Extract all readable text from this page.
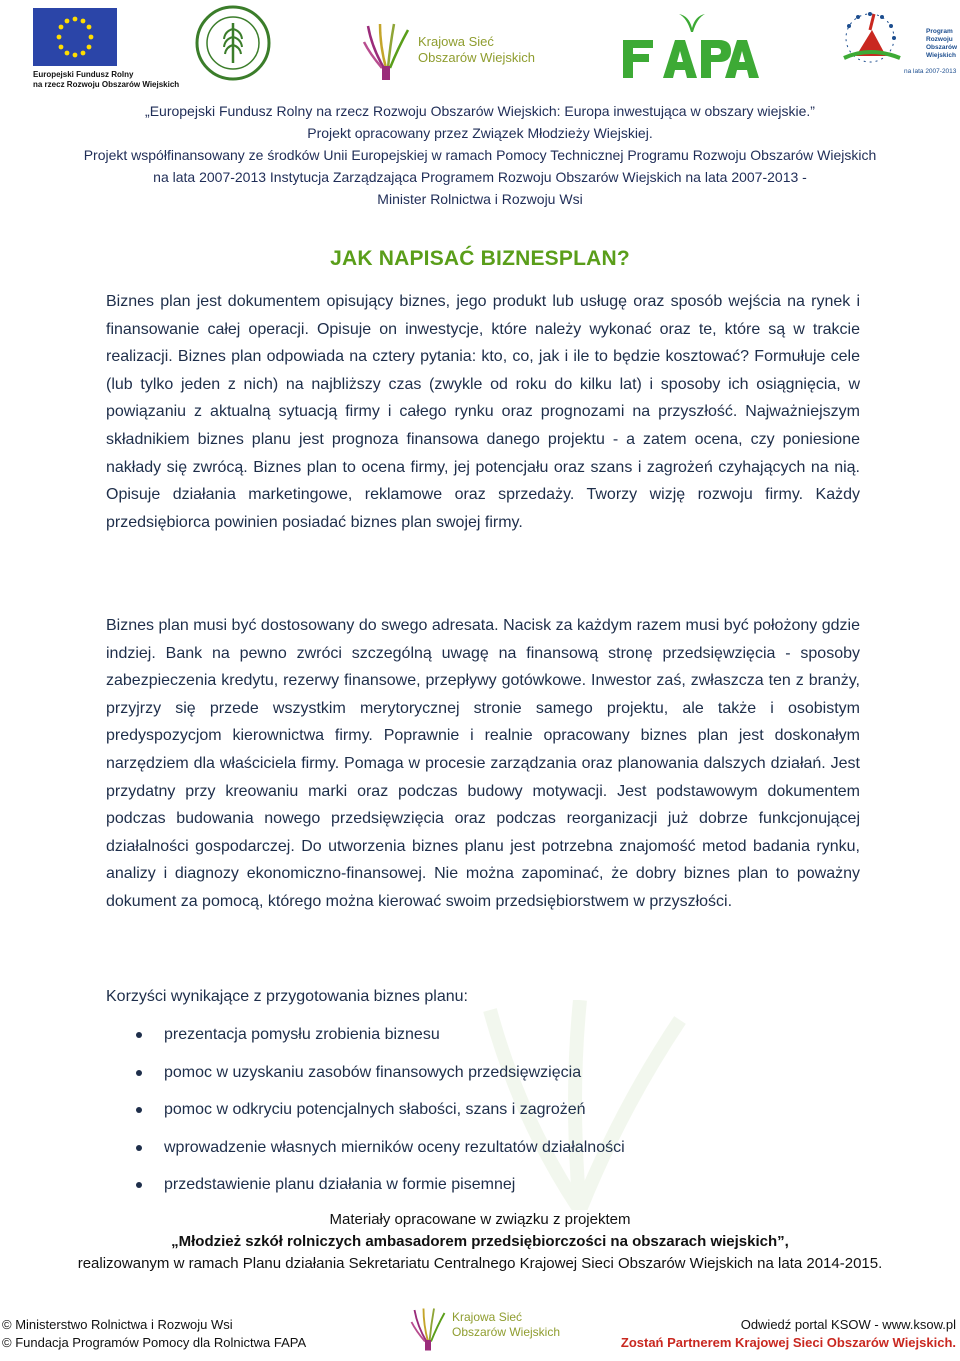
Europejski Fundusz Rolny
na rzecz Rozwoju Obszarów Wiejskich
Krajowa Sieć
Obszarów Wiejskich
Program
Rozwoju
Obszarów
Wiejskich
na lata 2007-2013
„Europejski Fundusz Rolny na rzecz Rozwoju Obszarów Wiejskich: Europa inwestująca w obszary wiejskie.”
Projekt opracowany przez Związek Młodzieży Wiejskiej.
Projekt współfinansowany ze środków Unii Europejskiej w ramach Pomocy Technicznej Programu Rozwoju Obszarów Wiejskich
na lata 2007-2013 Instytucja Zarządzająca Programem Rozwoju Obszarów Wiejskich na lata 2007-2013 -
Minister Rolnictwa i Rozwoju Wsi
JAK NAPISAĆ BIZNESPLAN?

Biznes plan jest dokumentem opisujący biznes, jego produkt lub usługę oraz sposób wejścia na rynek i finansowanie całej operacji. Opisuje on inwestycje, które należy wykonać oraz te, które są w trakcie realizacji. Biznes plan odpowiada na cztery pytania: kto, co, jak i ile to będzie kosztować? Formułuje cele (lub tylko jeden z nich) na najbliższy czas (zwykle od roku do kilku lat) i sposoby ich osiągnięcia, w powiązaniu z aktualną sytuacją firmy i całego rynku oraz prognozami na przyszłość. Najważniejszym składnikiem biznes planu jest prognoza finansowa danego projektu - a zatem ocena, czy poniesione nakłady się zwrócą. Biznes plan to ocena firmy, jej potencjału oraz szans i zagrożeń czyhających na nią. Opisuje działania marketingowe, reklamowe oraz sprzedaży. Tworzy wizję rozwoju firmy. Każdy przedsiębiorca powinien posiadać biznes plan swojej firmy.

Biznes plan musi być dostosowany do swego adresata. Nacisk za każdym razem musi być położony gdzie indziej. Bank na pewno zwróci szczególną uwagę na finansową stronę przedsięwzięcia - sposoby zabezpieczenia kredytu, rezerwy finansowe, przepływy gotówkowe. Inwestor zaś, zwłaszcza ten z branży, przyjrzy się przede wszystkim merytorycznej stronie samego projektu, ale także i osobistym predyspozycjom kierownictwa firmy. Poprawnie i realnie opracowany biznes plan jest doskonałym narzędziem dla właściciela firmy. Pomaga w procesie zarządzania oraz planowania dalszych działań. Jest przydatny przy kreowaniu marki oraz podczas budowy motywacji. Jest podstawowym dokumentem podczas budowania nowego przedsięwzięcia oraz podczas reorganizacji już dobrze funkcjonującej działalności gospodarczej. Do utworzenia biznes planu jest potrzebna znajomość metod badania rynku, analizy i diagnozy ekonomiczno-finansowej. Nie można zapominać, że dobry biznes plan to poważny dokument za pomocą, którego można kierować swoim przedsiębiorstwem w przyszłości.

Korzyści wynikające z przygotowania biznes planu:

prezentacja pomysłu zrobienia biznesu
pomoc w uzyskaniu zasobów finansowych przedsięwzięcia
pomoc w odkryciu potencjalnych słabości, szans i zagrożeń
wprowadzenie własnych mierników oceny rezultatów działalności
przedstawienie planu działania w formie pisemnej
Materiały opracowane w związku z projektem
„Młodzież szkół rolniczych ambasadorem przedsiębiorczości na obszarach wiejskich”,
realizowanym w ramach Planu działania Sekretariatu Centralnego Krajowej Sieci Obszarów Wiejskich na lata 2014-2015.
© Ministerstwo Rolnictwa i Rozwoju Wsi
© Fundacja Programów Pomocy dla Rolnictwa FAPA
Krajowa Sieć
Obszarów Wiejskich	Odwiedź portal KSOW - www.ksow.pl
Zostań Partnerem Krajowej Sieci Obszarów Wiejskich.
